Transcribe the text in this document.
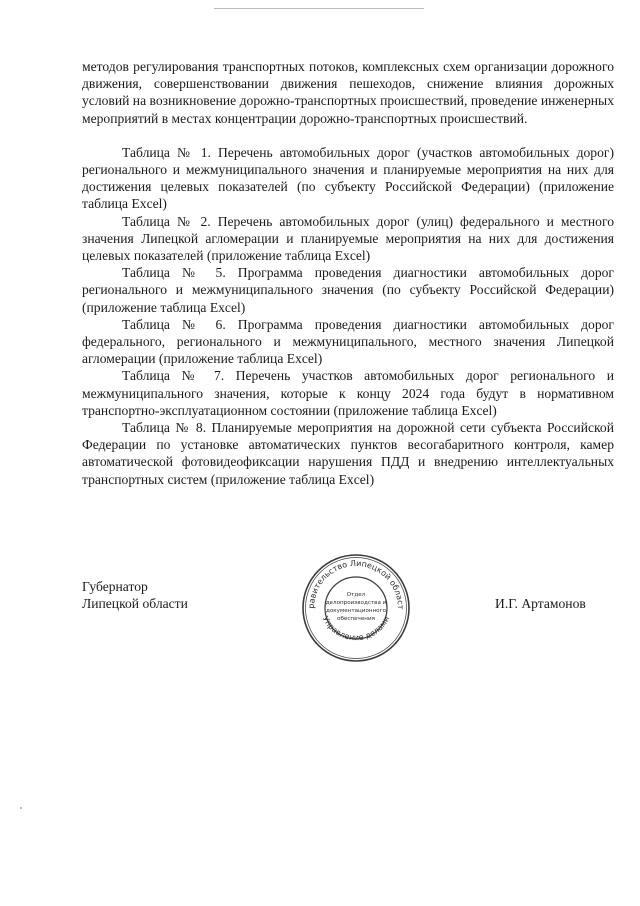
методов регулирования транспортных потоков, комплексных схем организации дорожного движения, совершенствовании движения пешеходов, снижение влияния дорожных условий на возникновение дорожно-транспортных происшествий, проведение инженерных мероприятий в местах концентрации дорожно-транспортных происшествий.

Таблица № 1. Перечень автомобильных дорог (участков автомобильных дорог) регионального и межмуниципального значения и планируемые мероприятия на них для достижения целевых показателей (по субъекту Российской Федерации) (приложение таблица Excel)

Таблица № 2. Перечень автомобильных дорог (улиц) федерального и местного значения Липецкой агломерации и планируемые мероприятия на них для достижения целевых показателей (приложение таблица Excel)

Таблица № 5. Программа проведения диагностики автомобильных дорог регионального и межмуниципального значения (по субъекту Российской Федерации) (приложение таблица Excel)

Таблица № 6. Программа проведения диагностики автомобильных дорог федерального, регионального и межмуниципального, местного значения Липецкой агломерации (приложение таблица Excel)

Таблица № 7. Перечень участков автомобильных дорог регионального и межмуниципального значения, которые к концу 2024 года будут в нормативном транспортно-эксплуатационном состоянии (приложение таблица Excel)

Таблица № 8. Планируемые мероприятия на дорожной сети субъекта Российской Федерации по установке автоматических пунктов весогабаритного контроля, камер автоматической фотовидеофиксации нарушения ПДД и внедрению интеллектуальных транспортных систем (приложение таблица Excel)

Губернатор
Липецкой области	равительство Липецкой област
Управление делами
Отдел
делопроизводства и
документационного
обеспечения
И.Г. Артамонов
